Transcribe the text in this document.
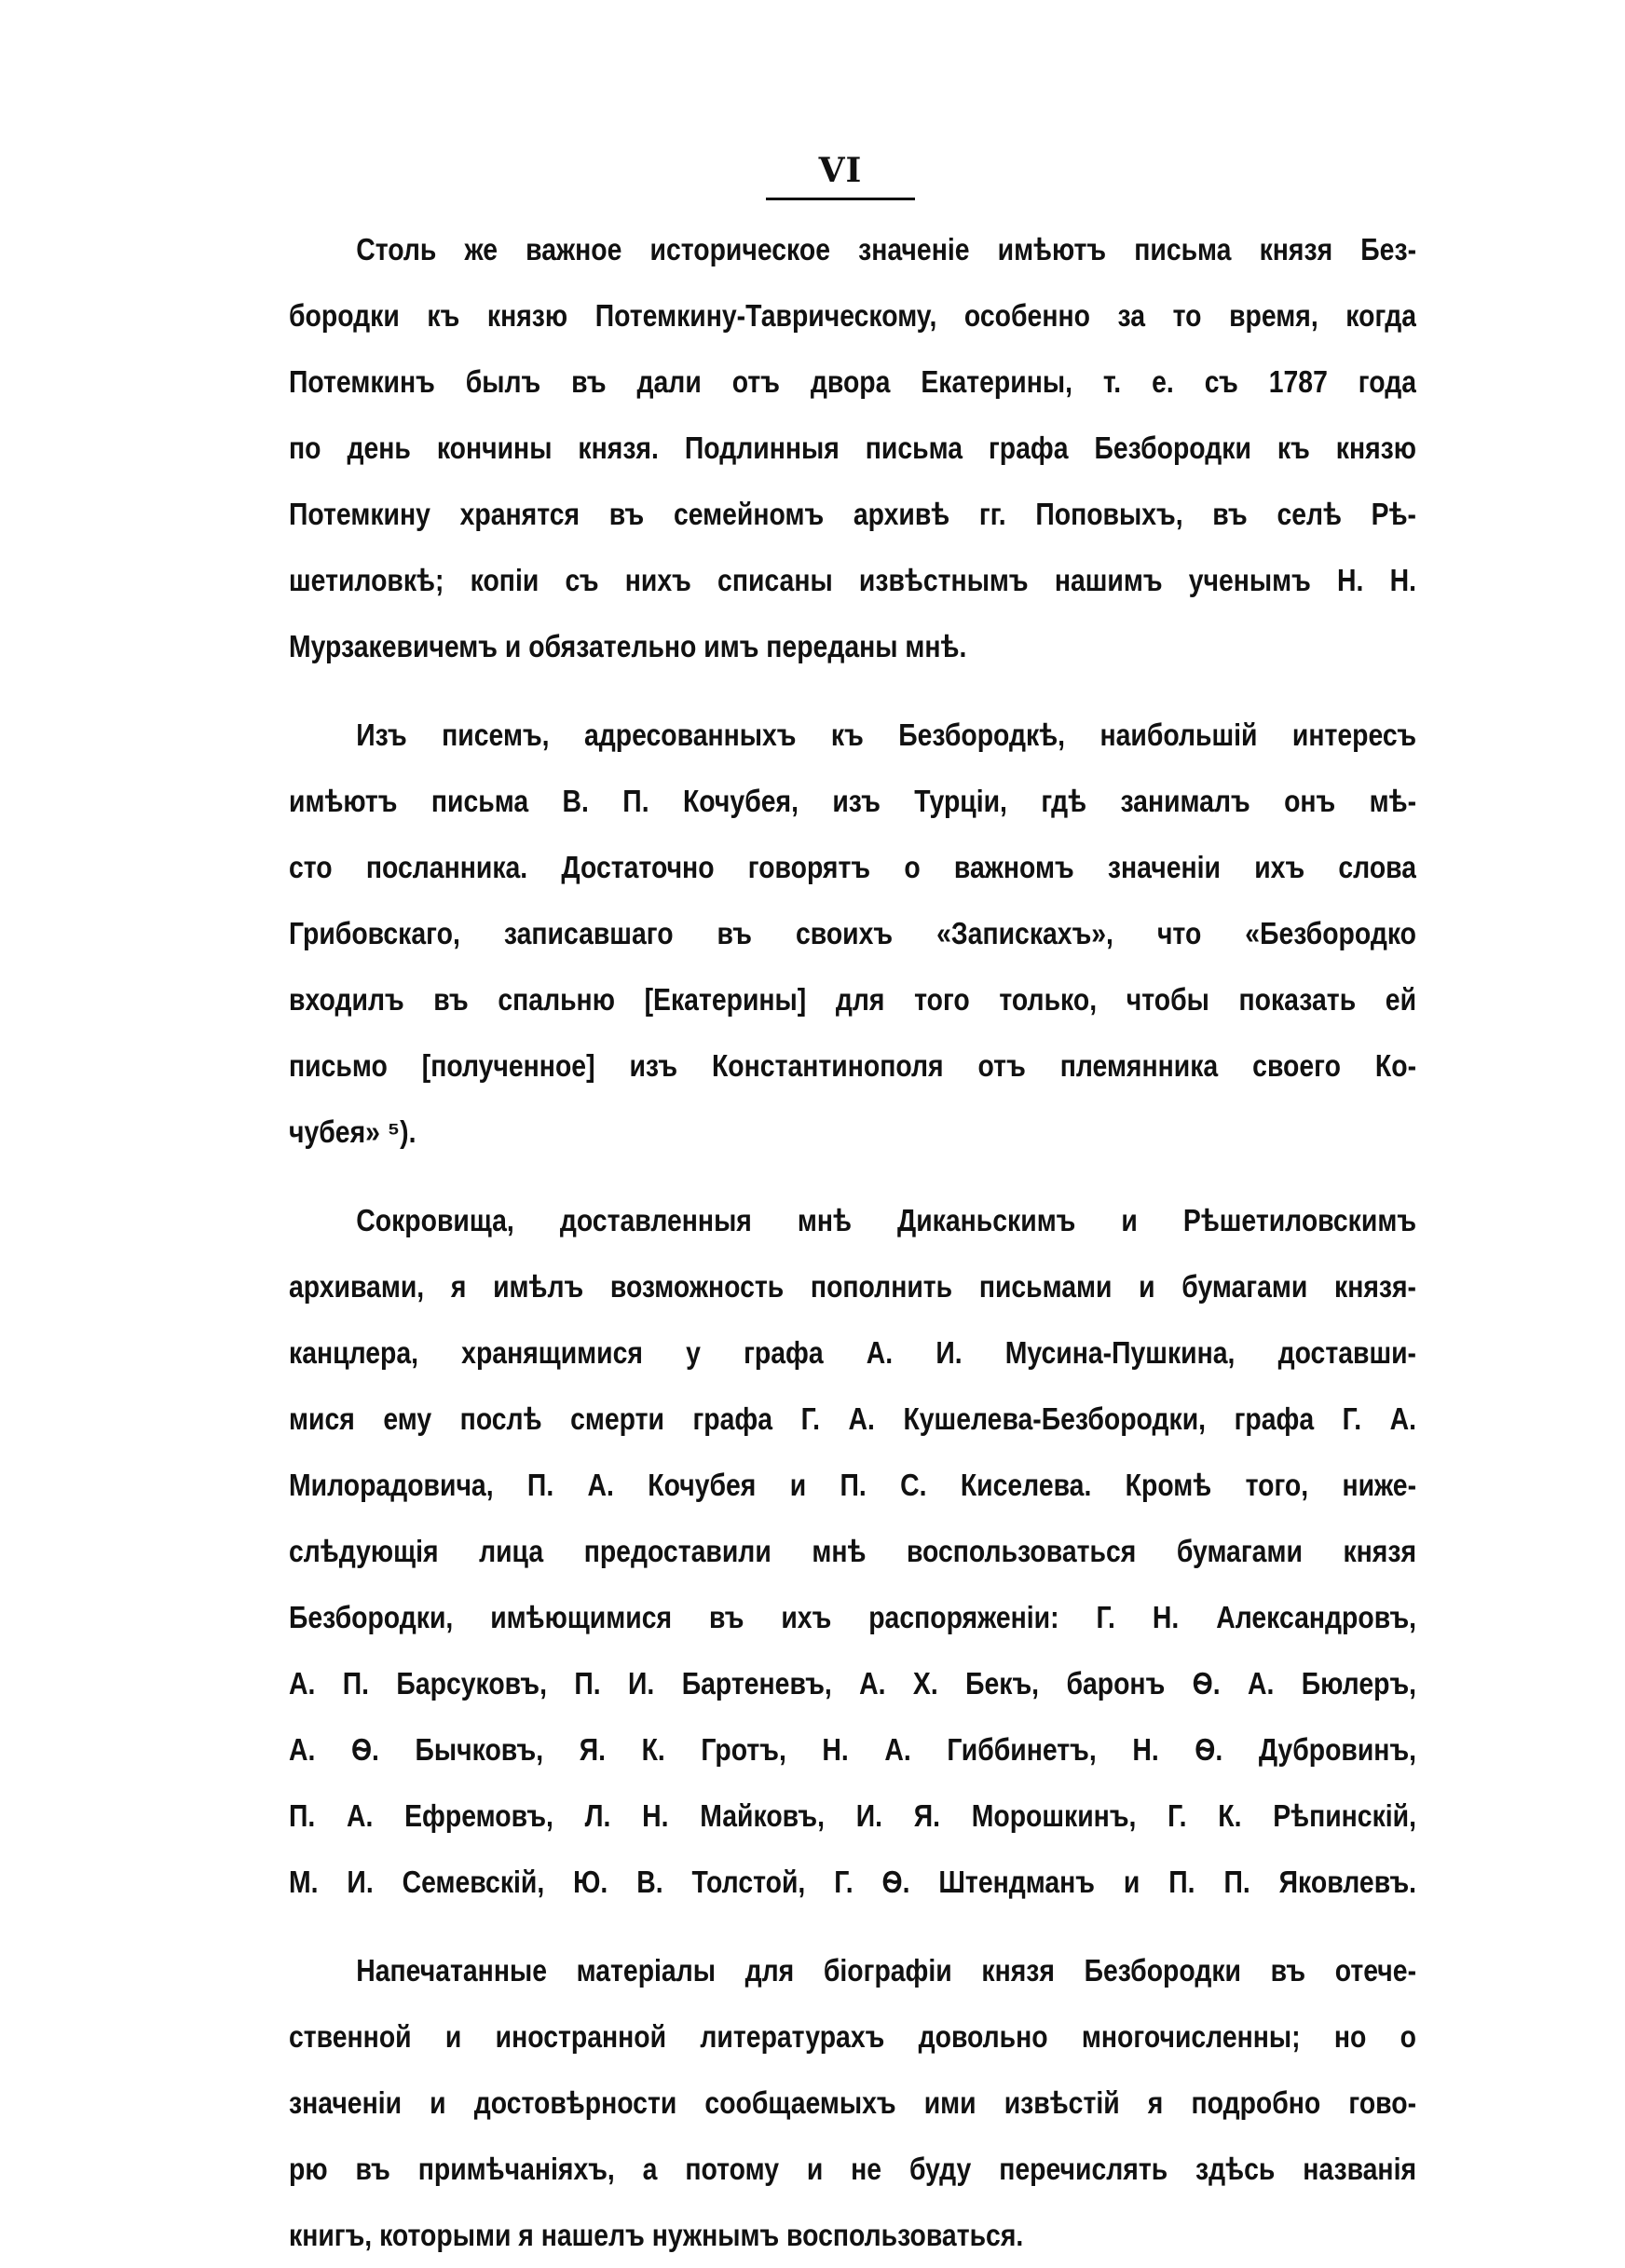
VI
Столь же важное историческое значенiе имѣютъ письма князя Без-
бородки къ князю Потемкину-Таврическому, особенно за то время, когда
Потемкинъ былъ въ дали отъ двора Екатерины, т. е. съ 1787 года
по день кончины князя. Подлинныя письма графа Безбородки къ князю
Потемкину хранятся въ семейномъ архивѣ гг. Поповыхъ, въ селѣ Рѣ-
шетиловкѣ; копiи съ нихъ списаны извѣстнымъ нашимъ ученымъ Н. Н.
Мурзакевичемъ и обязательно имъ переданы мнѣ.
Изъ писемъ, адресованныхъ къ Безбородкѣ, наибольшiй интересъ
имѣютъ письма В. П. Кочубея, изъ Турцiи, гдѣ занималъ онъ мѣ-
сто посланника. Достаточно говорятъ о важномъ значенiи ихъ слова
Грибовскаго, записавшаго въ своихъ «Запискахъ», что «Безбородко
входилъ въ спальню [Екатерины] для того только, чтобы показать ей
письмо [полученное] изъ Константинополя отъ племянника своего Ко-
чубея» ⁵).
Сокровища, доставленныя мнѣ Диканьскимъ и Рѣшетиловскимъ
архивами, я имѣлъ возможность пополнить письмами и бумагами князя-
канцлера, хранящимися у графа А. И. Мусина-Пушкина, доставши-
мися ему послѣ смерти графа Г. А. Кушелева-Безбородки, графа Г. А.
Милорадовича, П. А. Кочубея и П. С. Киселева. Кромѣ того, ниже-
слѣдующiя лица предоставили мнѣ воспользоваться бумагами князя
Безбородки, имѣющимися въ ихъ распоряженiи: Г. Н. Александровъ,
А. П. Барсуковъ, П. И. Бартеневъ, А. Х. Бекъ, баронъ Ѳ. А. Бюлеръ,
А. Ѳ. Бычковъ, Я. К. Гротъ, Н. А. Гиббинетъ, Н. Ѳ. Дубровинъ,
П. А. Ефремовъ, Л. Н. Майковъ, И. Я. Морошкинъ, Г. К. Рѣпинскiй,
М. И. Семевскiй, Ю. В. Толстой, Г. Ѳ. Штендманъ и П. П. Яковлевъ.
Напечатанные матерiалы для бiографiи князя Безбородки въ отече-
ственной и иностранной литературахъ довольно многочисленны; но о
значенiи и достовѣрности сообщаемыхъ ими извѣстiй я подробно гово-
рю въ примѣчанiяхъ, а потому и не буду перечислять здѣсь названiя
книгъ, которыми я нашелъ нужнымъ воспользоваться.
